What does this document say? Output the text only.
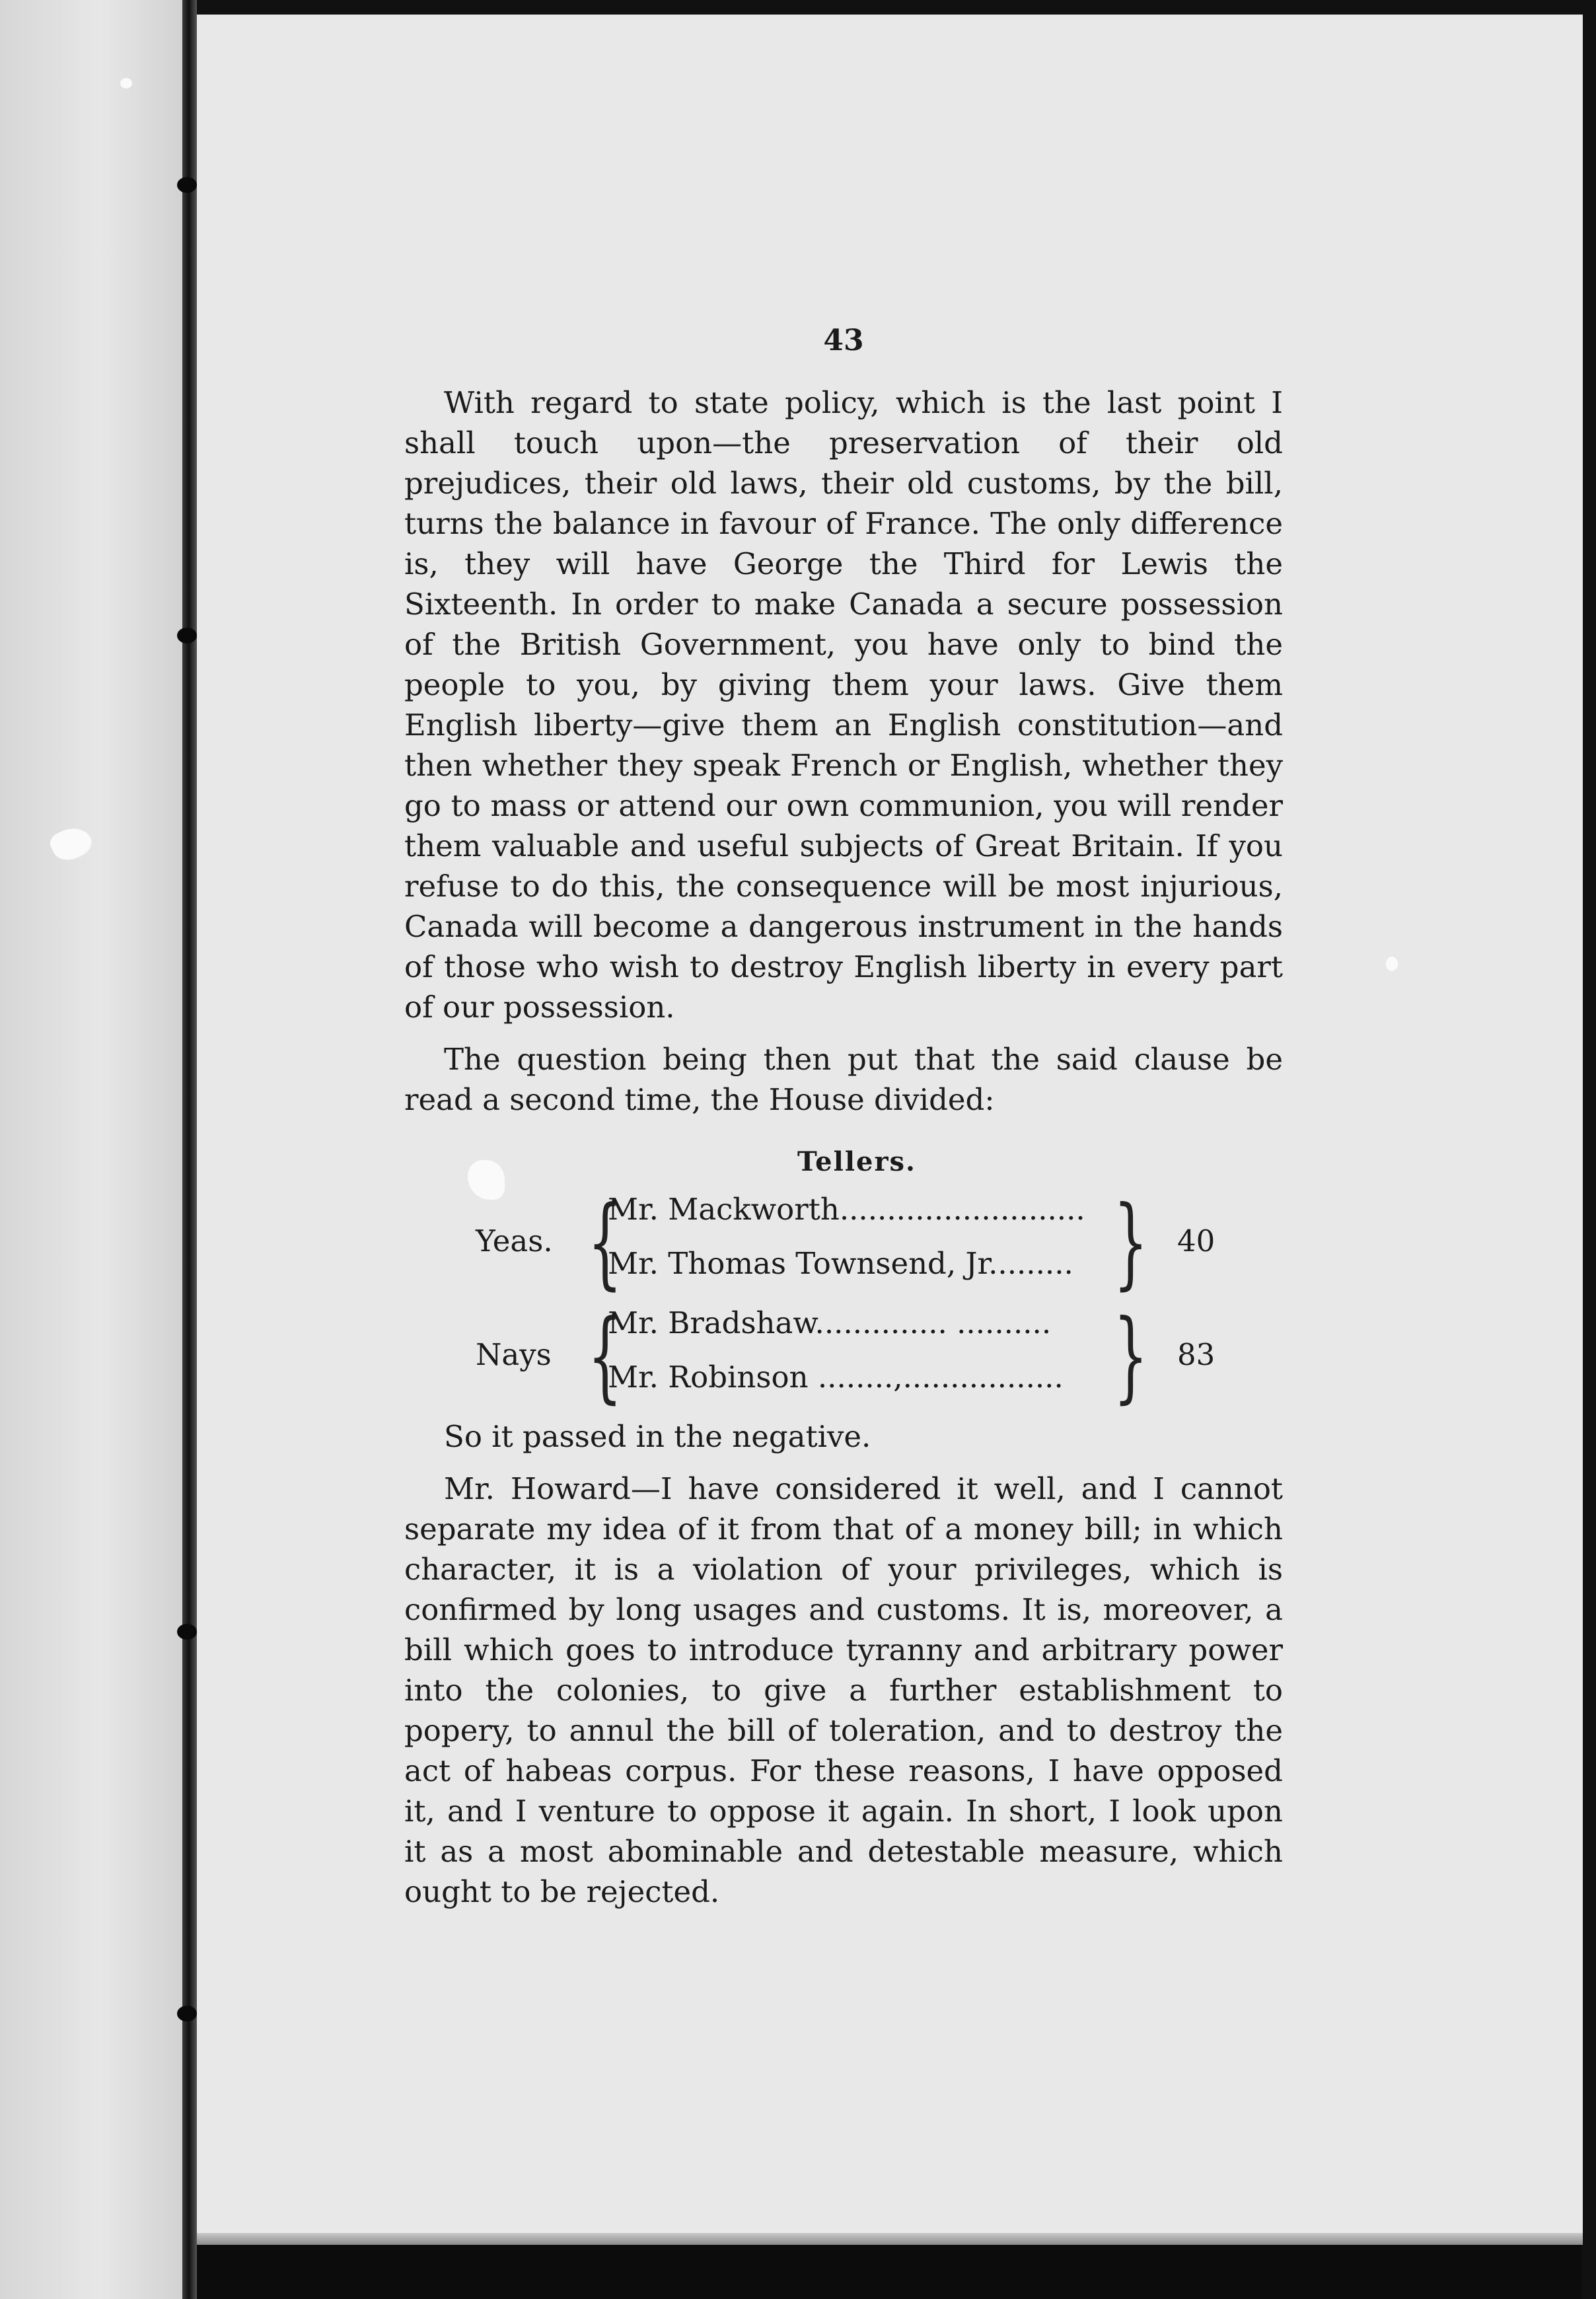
43

With regard to state policy, which is the last point I shall touch upon—the preservation of their old prejudices, their old laws, their old customs, by the bill, turns the balance in favour of France. The only difference is, they will have George the Third for Lewis the Sixteenth. In order to make Canada a secure possession of the British Government, you have only to bind the people to you, by giving them your laws. Give them English liberty—give them an English constitution—and then whether they speak French or English, whether they go to mass or attend our own communion, you will render them valuable and useful subjects of Great Britain. If you refuse to do this, the consequence will be most injurious, Canada will become a dangerous instrument in the hands of those who wish to destroy English liberty in every part of our possession.

The question being then put that the said clause be read a second time, the House divided:

Tellers.
Yeas. {
Mr. Mackworth..........................
Mr. Thomas Townsend, Jr......... } 40
Nays {
Mr. Bradshaw.............. ..........
Mr. Robinson ........,................. } 83

So it passed in the negative.

Mr. Howard—I have considered it well, and I cannot separate my idea of it from that of a money bill; in which character, it is a violation of your privileges, which is confirmed by long usages and customs. It is, moreover, a bill which goes to introduce tyranny and arbitrary power into the colonies, to give a further establishment to popery, to annul the bill of toleration, and to destroy the act of habeas corpus. For these reasons, I have opposed it, and I venture to oppose it again. In short, I look upon it as a most abominable and detestable measure, which ought to be rejected.
